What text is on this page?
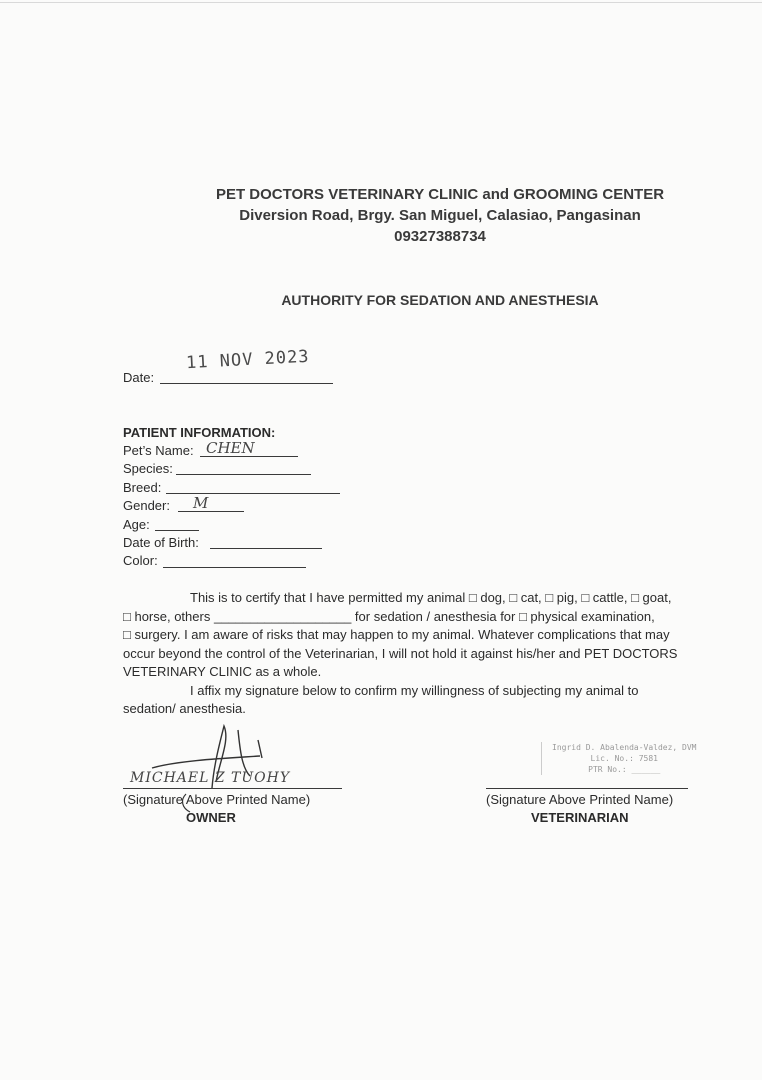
PET DOCTORS VETERINARY CLINIC and GROOMING CENTER
Diversion Road, Brgy. San Miguel, Calasiao, Pangasinan
09327388734
AUTHORITY FOR SEDATION AND ANESTHESIA
Date:
11 NOV 2023
PATIENT INFORMATION:
Pet’s Name: CHEN
Species:
Breed:
Gender: M
Age:
Date of Birth:
Color:

This is to certify that I have permitted my animal □ dog, □ cat, □ pig, □ cattle, □ goat,

□ horse, others ___________________ for sedation / anesthesia for □ physical examination,

□ surgery. I am aware of risks that may happen to my animal. Whatever complications that may

occur beyond the control of the Veterinarian, I will not hold it against his/her and PET DOCTORS

VETERINARY CLINIC as a whole.

I affix my signature below to confirm my willingness of subjecting my animal to

sedation/ anesthesia.

MICHAEL Z TUOHY
(Signature Above Printed Name)
OWNER
Ingrid D. Abalenda-Valdez, DVM
Lic. No.: 7581
PTR No.: ______
(Signature Above Printed Name)
VETERINARIAN
